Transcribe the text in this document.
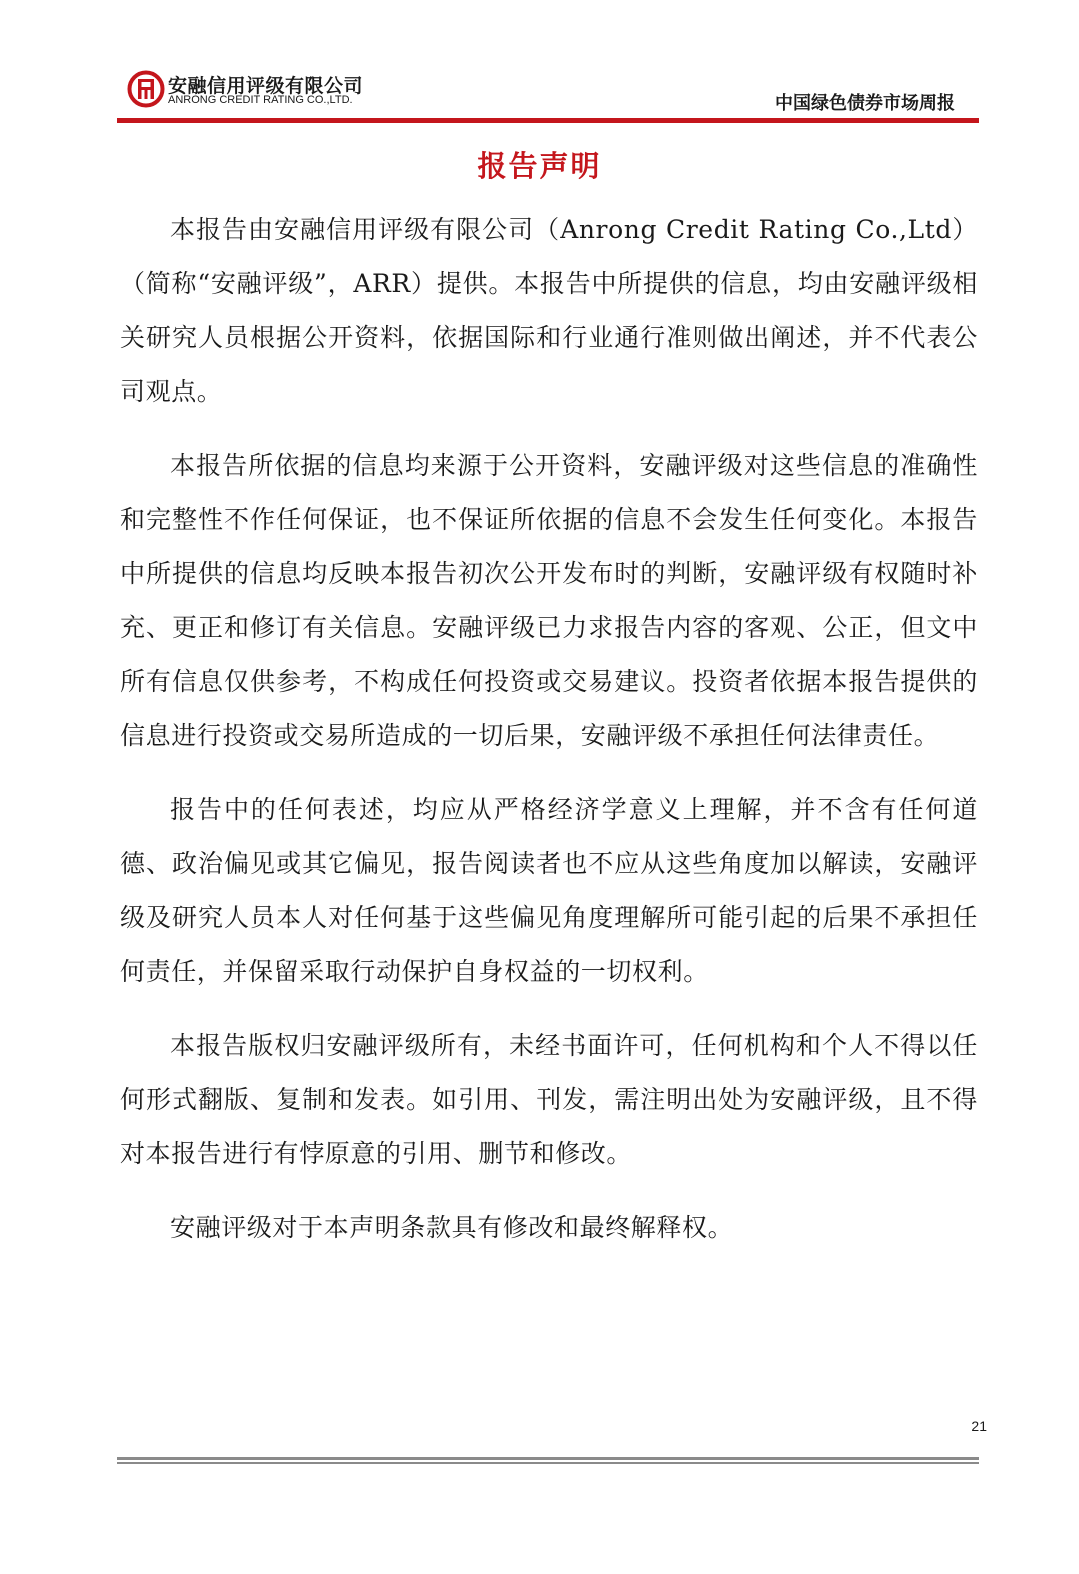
安融信用评级有限公司
ANRONG CREDIT RATING CO.,LTD.	中国绿色债券市场周报
报告声明

本报告由安融信用评级有限公司（Anrong Credit Rating Co.,Ltd）（简称“安融评级”，ARR）提供。本报告中所提供的信息，均由安融评级相关研究人员根据公开资料，依据国际和行业通行准则做出阐述，并不代表公司观点。

本报告所依据的信息均来源于公开资料，安融评级对这些信息的准确性和完整性不作任何保证，也不保证所依据的信息不会发生任何变化。本报告中所提供的信息均反映本报告初次公开发布时的判断，安融评级有权随时补充、更正和修订有关信息。安融评级已力求报告内容的客观、公正，但文中所有信息仅供参考，不构成任何投资或交易建议。投资者依据本报告提供的信息进行投资或交易所造成的一切后果，安融评级不承担任何法律责任。

报告中的任何表述，均应从严格经济学意义上理解，并不含有任何道德、政治偏见或其它偏见，报告阅读者也不应从这些角度加以解读，安融评级及研究人员本人对任何基于这些偏见角度理解所可能引起的后果不承担任何责任，并保留采取行动保护自身权益的一切权利。

本报告版权归安融评级所有，未经书面许可，任何机构和个人不得以任何形式翻版、复制和发表。如引用、刊发，需注明出处为安融评级，且不得对本报告进行有悖原意的引用、删节和修改。

安融评级对于本声明条款具有修改和最终解释权。

21
